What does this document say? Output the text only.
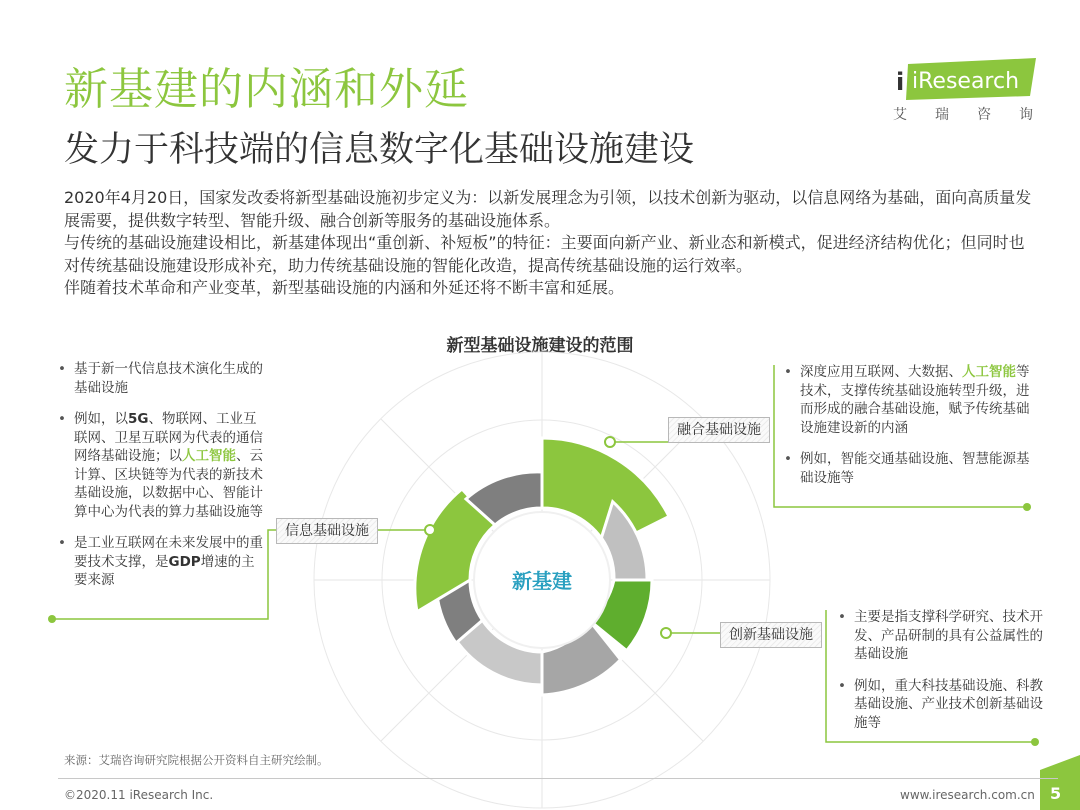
新基建的内涵和外延
发力于科技端的信息数字化基础设施建设
i iResearch
艾 瑞 咨 询

2020年4月20日，国家发改委将新型基础设施初步定义为：以新发展理念为引领，以技术创新为驱动，以信息网络为基础，面向高质量发展需要，提供数字转型、智能升级、融合创新等服务的基础设施体系。

与传统的基础设施建设相比，新基建体现出“重创新、补短板”的特征：主要面向新产业、新业态和新模式，促进经济结构优化；但同时也对传统基础设施建设形成补充，助力传统基础设施的智能化改造，提高传统基础设施的运行效率。

伴随着技术革命和产业变革，新型基础设施的内涵和外延还将不断丰富和延展。

新型基础设施建设的范围
新基建
信息基础设施
融合基础设施
创新基础设施
• 基于新一代信息技术演化生成的基础设施
• 例如，以5G、物联网、工业互联网、卫星互联网为代表的通信网络基础设施；以人工智能、云计算、区块链等为代表的新技术基础设施，以数据中心、智能计算中心为代表的算力基础设施等
• 是工业互联网在未来发展中的重要技术支撑，是GDP增速的主要来源
• 深度应用互联网、大数据、人工智能等技术，支撑传统基础设施转型升级，进而形成的融合基础设施，赋予传统基础设施建设新的内涵
• 例如，智能交通基础设施、智慧能源基础设施等
• 主要是指支撑科学研究、技术开发、产品研制的具有公益属性的基础设施
• 例如，重大科技基础设施、科教基础设施、产业技术创新基础设施等
来源：艾瑞咨询研究院根据公开资料自主研究绘制。
©2020.11 iResearch Inc.	www.iresearch.com.cn 5
